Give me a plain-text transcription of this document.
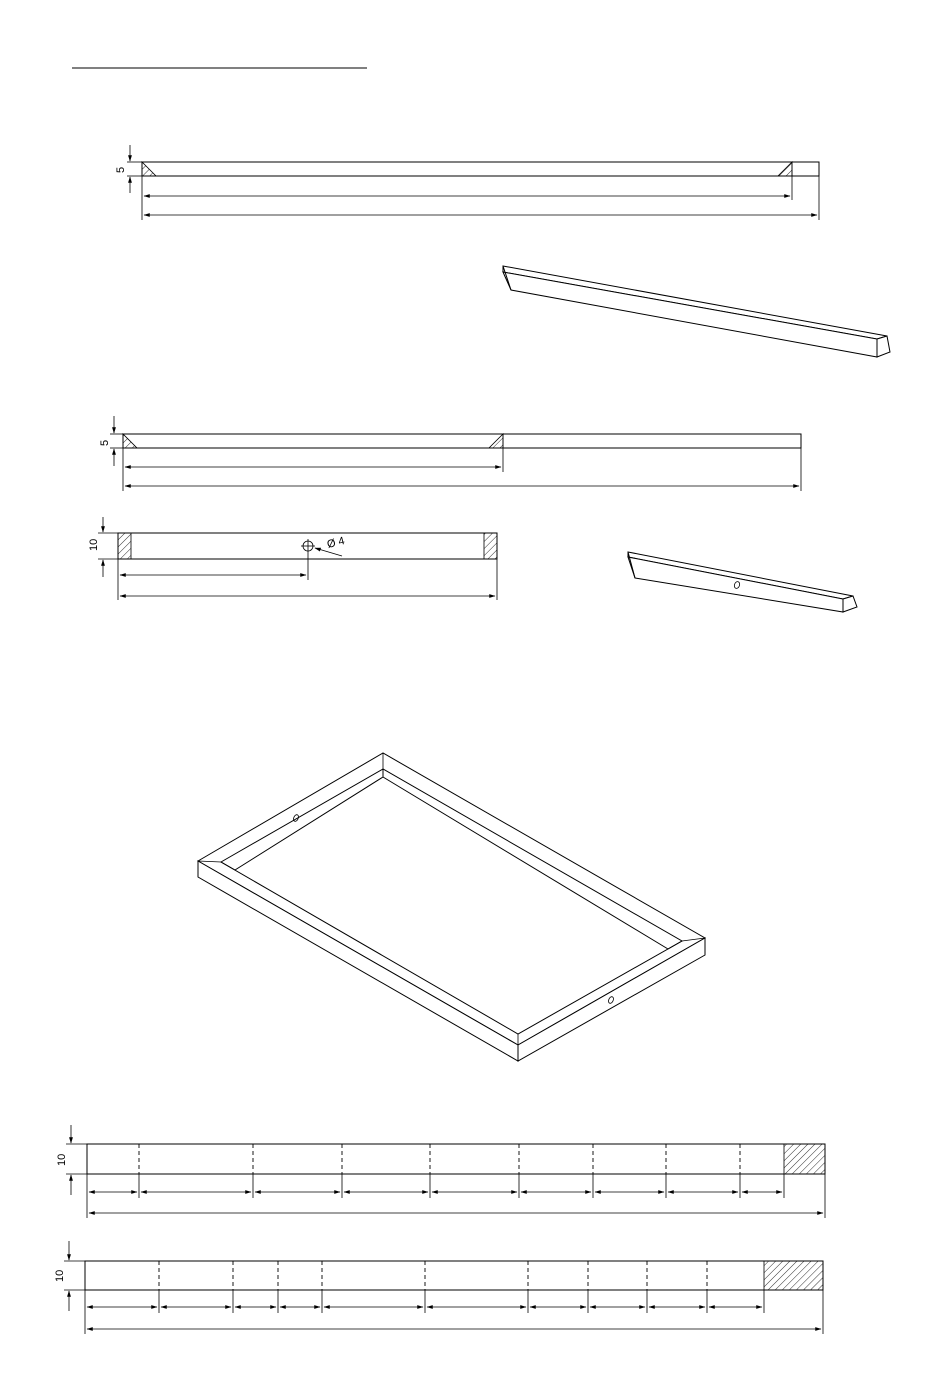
5
5
Ø 4
10
10
10
